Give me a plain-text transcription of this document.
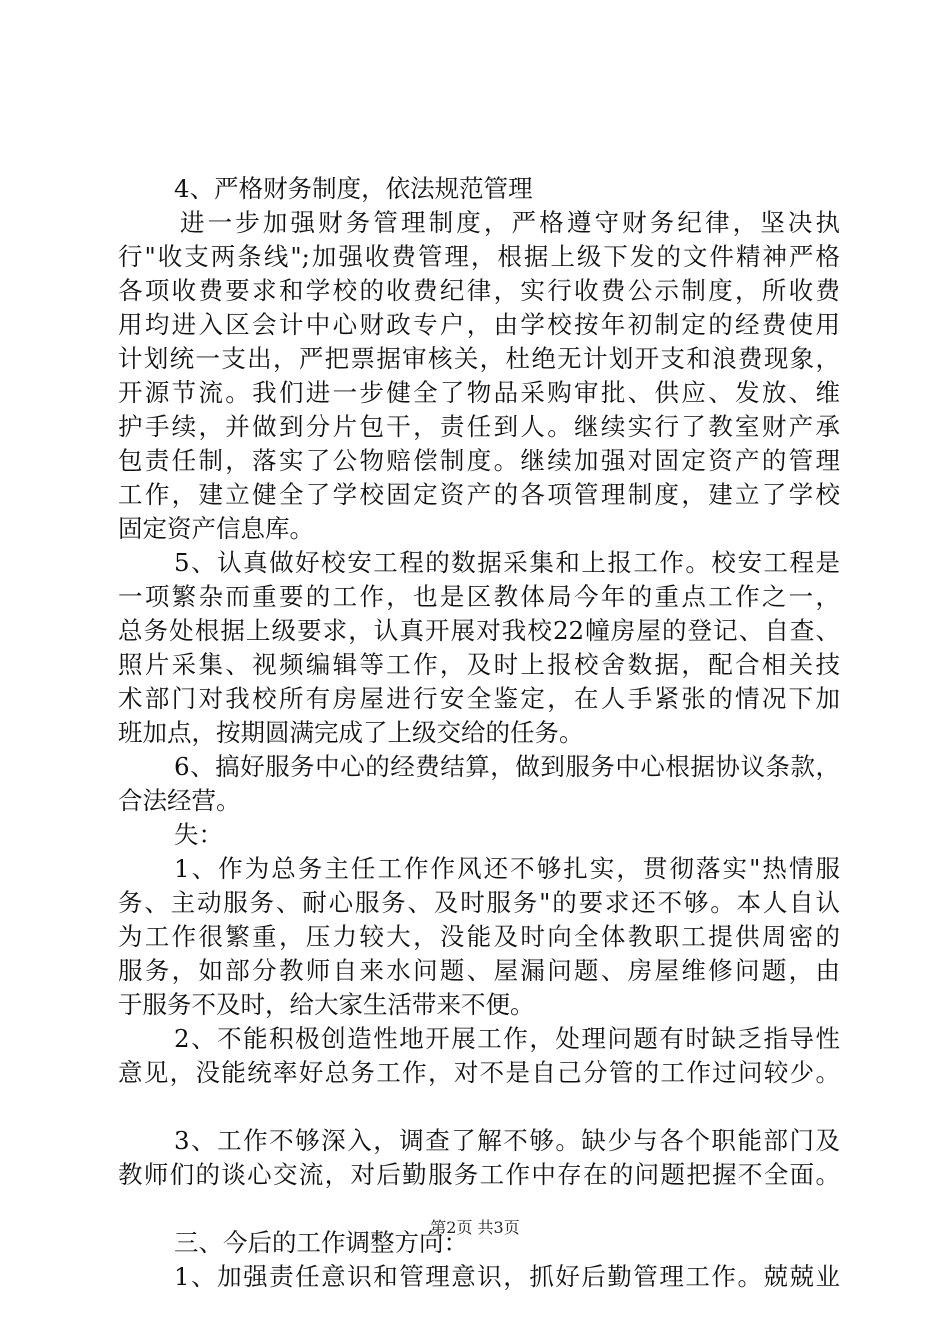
4、严格财务制度，依法规范管理
进一步加强财务管理制度，严格遵守财务纪律，坚决执
行"收支两条线";加强收费管理，根据上级下发的文件精神严格
各项收费要求和学校的收费纪律，实行收费公示制度，所收费
用均进入区会计中心财政专户，由学校按年初制定的经费使用
计划统一支出，严把票据审核关，杜绝无计划开支和浪费现象，
开源节流。我们进一步健全了物品采购审批、供应、发放、维
护手续，并做到分片包干，责任到人。继续实行了教室财产承
包责任制，落实了公物赔偿制度。继续加强对固定资产的管理
工作，建立健全了学校固定资产的各项管理制度，建立了学校
固定资产信息库。
5、认真做好校安工程的数据采集和上报工作。校安工程是
一项繁杂而重要的工作，也是区教体局今年的重点工作之一，
总务处根据上级要求，认真开展对我校22幢房屋的登记、自查、
照片采集、视频编辑等工作，及时上报校舍数据，配合相关技
术部门对我校所有房屋进行安全鉴定，在人手紧张的情况下加
班加点，按期圆满完成了上级交给的任务。
6、搞好服务中心的经费结算，做到服务中心根据协议条款，
合法经营。
失：
1、作为总务主任工作作风还不够扎实，贯彻落实"热情服
务、主动服务、耐心服务、及时服务"的要求还不够。本人自认
为工作很繁重，压力较大，没能及时向全体教职工提供周密的
服务，如部分教师自来水问题、屋漏问题、房屋维修问题，由
于服务不及时，给大家生活带来不便。
2、不能积极创造性地开展工作，处理问题有时缺乏指导性
意见，没能统率好总务工作，对不是自己分管的工作过问较少。
3、工作不够深入，调查了解不够。缺少与各个职能部门及
教师们的谈心交流，对后勤服务工作中存在的问题把握不全面。
三、今后的工作调整方向：
1、加强责任意识和管理意识，抓好后勤管理工作。兢兢业
第2页 共3页
